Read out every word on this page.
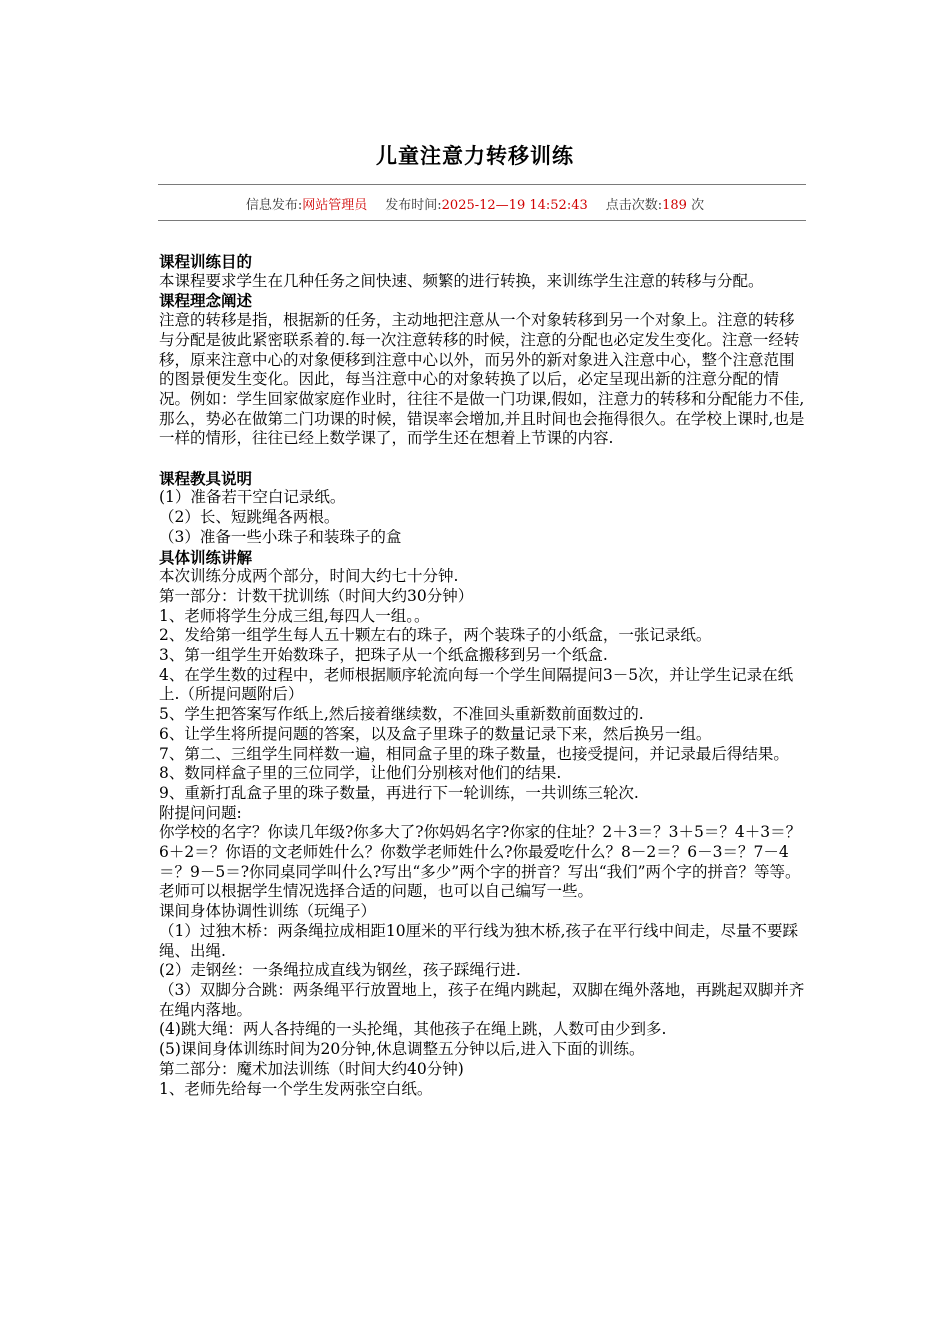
儿童注意力转移训练
信息发布:网站管理员 发布时间:2025-12—19 14:52:43 点击次数:189 次

课程训练目的

本课程要求学生在几种任务之间快速、频繁的进行转换，来训练学生注意的转移与分配。

课程理念阐述

注意的转移是指，根据新的任务，主动地把注意从一个对象转移到另一个对象上。注意的转移与分配是彼此紧密联系着的.每一次注意转移的时候，注意的分配也必定发生变化。注意一经转移，原来注意中心的对象便移到注意中心以外，而另外的新对象进入注意中心，整个注意范围的图景便发生变化。因此，每当注意中心的对象转换了以后，必定呈现出新的注意分配的情况。例如：学生回家做家庭作业时，往往不是做一门功课,假如，注意力的转移和分配能力不佳,那么，势必在做第二门功课的时候，错误率会增加,并且时间也会拖得很久。在学校上课时,也是一样的情形，往往已经上数学课了，而学生还在想着上节课的内容.

课程教具说明

(1）准备若干空白记录纸。

（2）长、短跳绳各两根。

（3）准备一些小珠子和装珠子的盒

具体训练讲解

本次训练分成两个部分，时间大约七十分钟.

第一部分：计数干扰训练（时间大约30分钟）

1、老师将学生分成三组,每四人一组。。

2、发给第一组学生每人五十颗左右的珠子，两个装珠子的小纸盒，一张记录纸。

3、第一组学生开始数珠子，把珠子从一个纸盒搬移到另一个纸盒.

4、在学生数的过程中，老师根据顺序轮流向每一个学生间隔提问3－5次，并让学生记录在纸上.（所提问题附后）

5、学生把答案写作纸上,然后接着继续数，不准回头重新数前面数过的.

6、让学生将所提问题的答案，以及盒子里珠子的数量记录下来，然后换另一组。

7、第二、三组学生同样数一遍，相同盒子里的珠子数量，也接受提问，并记录最后得结果。

8、数同样盒子里的三位同学，让他们分别核对他们的结果.

9、重新打乱盒子里的珠子数量，再进行下一轮训练，一共训练三轮次.

附提问问题:

你学校的名字？你读几年级?你多大了?你妈妈名字?你家的住址？2＋3＝？3＋5＝？4＋3＝？6＋2＝？你语的文老师姓什么？你数学老师姓什么?你最爱吃什么？8－2＝？6－3＝？7－4＝？9－5＝?你同桌同学叫什么?写出“多少”两个字的拼音？写出“我们”两个字的拼音？等等。老师可以根据学生情况选择合适的问题，也可以自己编写一些。

课间身体协调性训练（玩绳子）

（1）过独木桥：两条绳拉成相距10厘米的平行线为独木桥,孩子在平行线中间走，尽量不要踩绳、出绳.

(2）走钢丝：一条绳拉成直线为钢丝，孩子踩绳行进.

（3）双脚分合跳：两条绳平行放置地上，孩子在绳内跳起，双脚在绳外落地，再跳起双脚并齐在绳内落地。

(4)跳大绳：两人各持绳的一头抡绳，其他孩子在绳上跳，人数可由少到多.

(5)课间身体训练时间为20分钟,休息调整五分钟以后,进入下面的训练。

第二部分：魔术加法训练（时间大约40分钟)

1、老师先给每一个学生发两张空白纸。
